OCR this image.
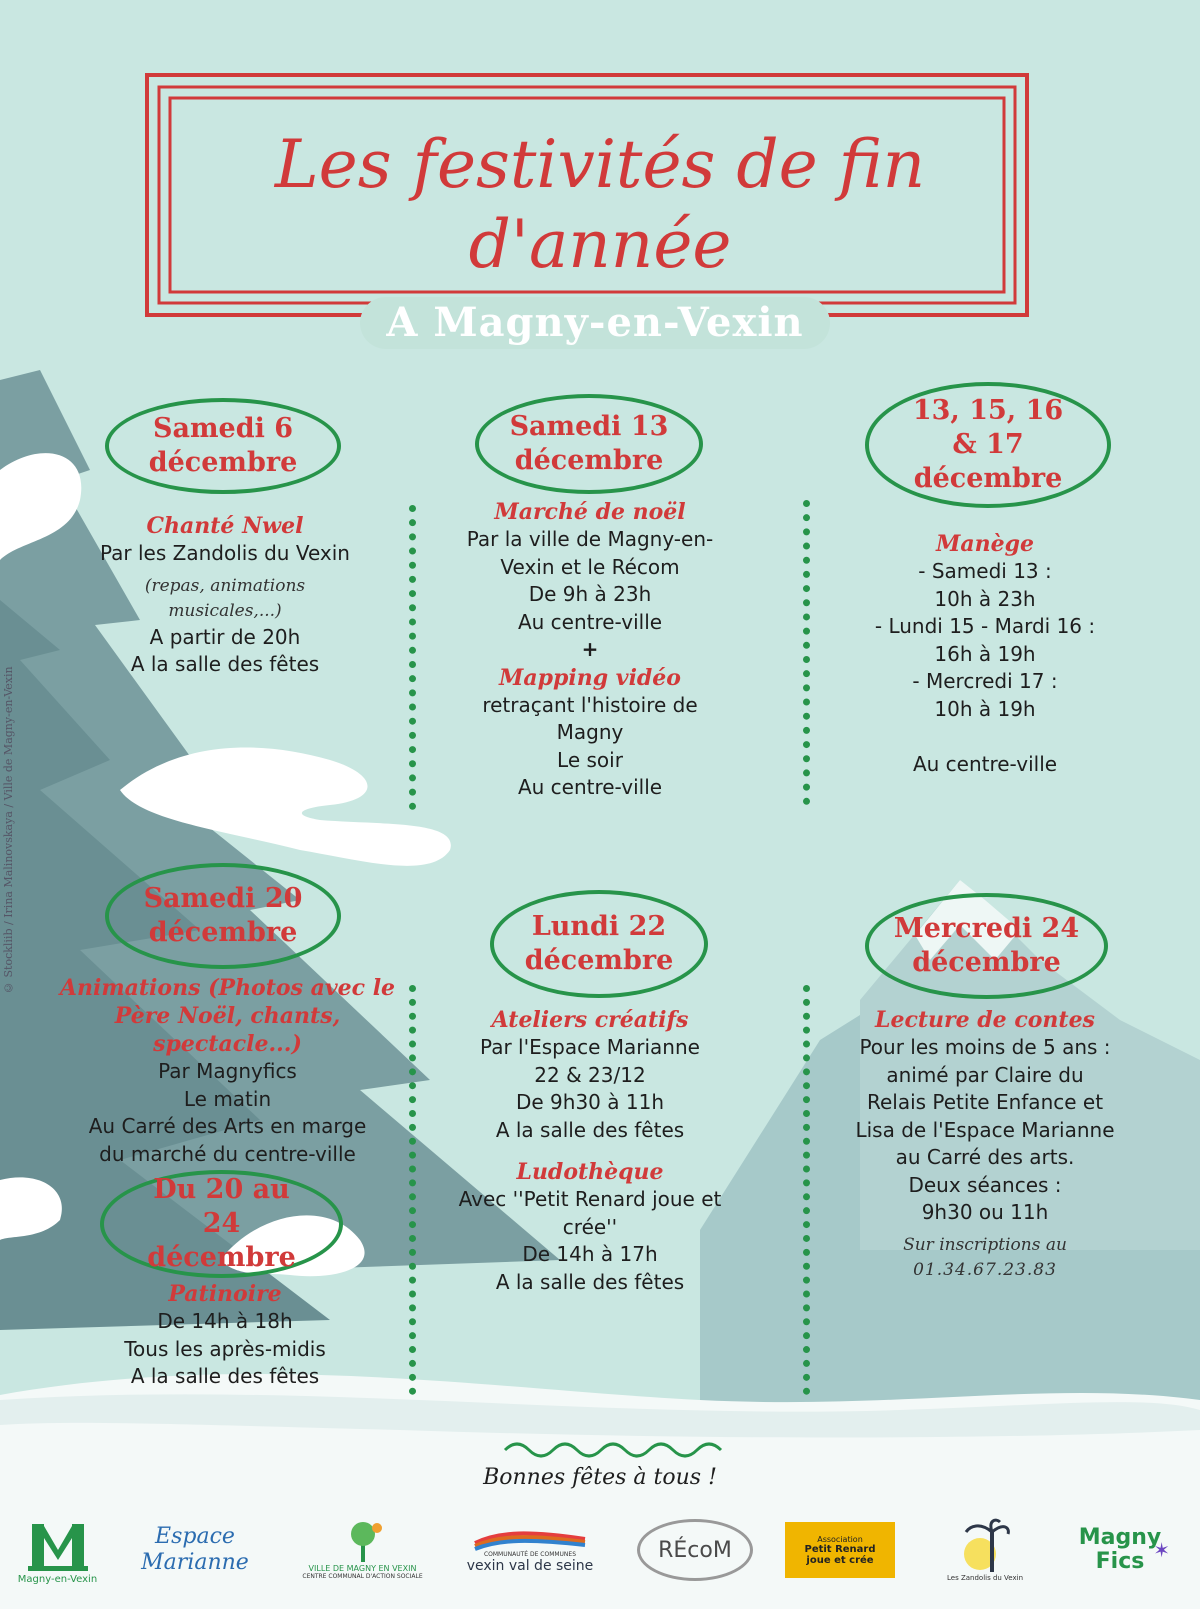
© Stockliib / Irina Malinovskaya / Ville de Magny-en-Vexin
Les festivités de fin
d'année
A Magny-en-Vexin
Samedi 6 décembre
Chanté Nwel
Par les Zandolis du Vexin
(repas, animations musicales,...)
A partir de 20h
A la salle des fêtes
Samedi 13 décembre
Marché de noël
Par la ville de Magny-en-
Vexin et le Récom
De 9h à 23h
Au centre-ville
+
Mapping vidéo
retraçant l'histoire de
Magny
Le soir
Au centre-ville
13, 15, 16 & 17 décembre
Manège
- Samedi 13 :
10h à 23h
- Lundi 15 - Mardi 16 :
16h à 19h
- Mercredi 17 :
10h à 19h
Au centre-ville
Samedi 20 décembre
Animations (Photos avec le Père Noël, chants, spectacle...)
Par Magnyfics
Le matin
Au Carré des Arts en marge
du marché du centre-ville
Du 20 au 24 décembre
Patinoire
De 14h à 18h
Tous les après-midis
A la salle des fêtes
Lundi 22 décembre
Ateliers créatifs
Par l'Espace Marianne
22 & 23/12
De 9h30 à 11h
A la salle des fêtes
Ludothèque
Avec ''Petit Renard joue et
crée''
De 14h à 17h
A la salle des fêtes
Mercredi 24 décembre
Lecture de contes
Pour les moins de 5 ans :
animé par Claire du
Relais Petite Enfance et
Lisa de l'Espace Marianne
au Carré des arts.
Deux séances :
9h30 ou 11h
Sur inscriptions au
01.34.67.23.83
Bonnes fêtes à tous !
Magny-en-Vexin
Espace Marianne	VILLE DE MAGNY EN VEXIN
CENTRE COMMUNAL D'ACTION SOCIALE
COMMUNAUTÉ DE COMMUNES
vexin val de seine
RÉcoM	Association
Petit Renard joue et crée
Les Zandolis du Vexin
Magny Fics ✶
